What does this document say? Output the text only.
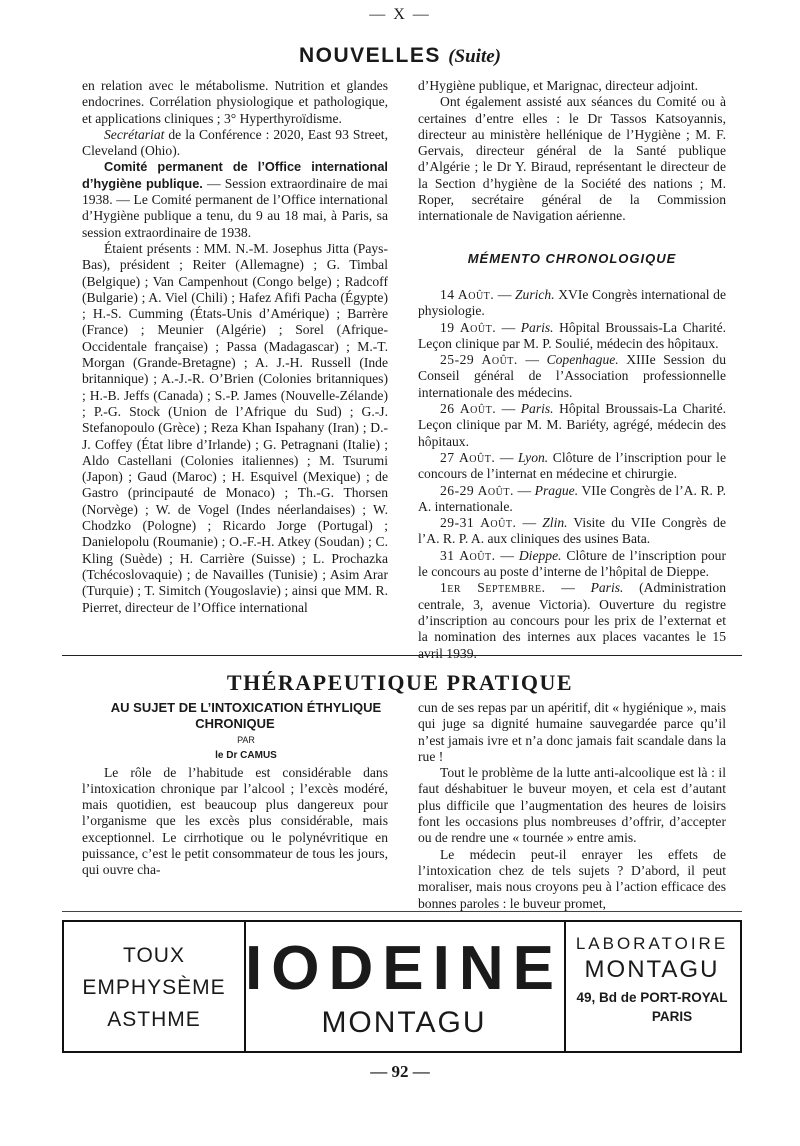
— X —
NOUVELLES (Suite)

en relation avec le métabolisme. Nutrition et glandes endocrines. Corrélation physiologique et pathologique, et applications cliniques ; 3° Hyperthyroïdisme.

Secrétariat de la Conférence : 2020, East 93 Street, Cleveland (Ohio).

Comité permanent de l’Office international d’hygiène publique. — Session extraordinaire de mai 1938. — Le Comité permanent de l’Office international d’Hygiène publique a tenu, du 9 au 18 mai, à Paris, sa session extraordinaire de 1938.

Étaient présents : MM. N.-M. Josephus Jitta (Pays-Bas), président ; Reiter (Allemagne) ; G. Timbal (Belgique) ; Van Campenhout (Congo belge) ; Radcoff (Bulgarie) ; A. Viel (Chili) ; Hafez Afifi Pacha (Égypte) ; H.-S. Cumming (États-Unis d’Amérique) ; Barrère (France) ; Meunier (Algérie) ; Sorel (Afrique-Occidentale française) ; Passa (Madagascar) ; M.-T. Morgan (Grande-Bretagne) ; A. J.-H. Russell (Inde britannique) ; A.-J.-R. O’Brien (Colonies britanniques) ; H.-B. Jeffs (Canada) ; S.-P. James (Nouvelle-Zélande) ; P.-G. Stock (Union de l’Afrique du Sud) ; G.-J. Stefanopoulo (Grèce) ; Reza Khan Ispahany (Iran) ; D.-J. Coffey (État libre d’Irlande) ; G. Petragnani (Italie) ; Aldo Castellani (Colonies italiennes) ; M. Tsurumi (Japon) ; Gaud (Maroc) ; H. Esquivel (Mexique) ; de Gastro (principauté de Monaco) ; Th.-G. Thorsen (Norvège) ; W. de Vogel (Indes néerlandaises) ; W. Chodzko (Pologne) ; Ricardo Jorge (Portugal) ; Danielopolu (Roumanie) ; O.-F.-H. Atkey (Soudan) ; C. Kling (Suède) ; H. Carrière (Suisse) ; L. Prochazka (Tchécoslovaquie) ; de Navailles (Tunisie) ; Asim Arar (Turquie) ; T. Simitch (Yougoslavie) ; ainsi que MM. R. Pierret, directeur de l’Office international

d’Hygiène publique, et Marignac, directeur adjoint.

Ont également assisté aux séances du Comité ou à certaines d’entre elles : le Dr Tassos Katsoyannis, directeur au ministère hellénique de l’Hygiène ; M. F. Gervais, directeur général de la Santé publique d’Algérie ; le Dr Y. Biraud, représentant le directeur de la Section d’hygiène de la Société des nations ; M. Roper, secrétaire général de la Commission internationale de Navigation aérienne.

MÉMENTO CHRONOLOGIQUE

14 Août. — Zurich. XVIe Congrès international de physiologie.

19 Août. — Paris. Hôpital Broussais-La Charité. Leçon clinique par M. P. Soulié, médecin des hôpitaux.

25-29 Août. — Copenhague. XIIIe Session du Conseil général de l’Association professionnelle internationale des médecins.

26 Août. — Paris. Hôpital Broussais-La Charité. Leçon clinique par M. M. Bariéty, agrégé, médecin des hôpitaux.

27 Août. — Lyon. Clôture de l’inscription pour le concours de l’internat en médecine et chirurgie.

26-29 Août. — Prague. VIIe Congrès de l’A. R. P. A. internationale.

29-31 Août. — Zlin. Visite du VIIe Congrès de l’A. R. P. A. aux cliniques des usines Bata.

31 Août. — Dieppe. Clôture de l’inscription pour le concours au poste d’interne de l’hôpital de Dieppe.

1er Septembre. — Paris. (Administration centrale, 3, avenue Victoria). Ouverture du registre d’inscription au concours pour les prix de l’externat et la nomination des internes aux places vacantes le 15 avril 1939.

THÉRAPEUTIQUE PRATIQUE

AU SUJET DE L’INTOXICATION ÉTHYLIQUE CHRONIQUE

PAR

le Dr CAMUS

Le rôle de l’habitude est considérable dans l’intoxication chronique par l’alcool ; l’excès modéré, mais quotidien, est beaucoup plus dangereux pour l’organisme que les excès plus considérable, mais exceptionnel. Le cirrhotique ou le polynévritique en puissance, c’est le petit consommateur de tous les jours, qui ouvre cha-

cun de ses repas par un apéritif, dit « hygiénique », mais qui juge sa dignité humaine sauvegardée parce qu’il n’est jamais ivre et n’a donc jamais fait scandale dans la rue !

Tout le problème de la lutte anti-alcoolique est là : il faut déshabituer le buveur moyen, et cela est d’autant plus difficile que l’augmentation des heures de loisirs font les occasions plus nombreuses d’offrir, d’accepter ou de rendre une « tournée » entre amis.

Le médecin peut-il enrayer les effets de l’intoxication chez de tels sujets ? D’abord, il peut moraliser, mais nous croyons peu à l’action efficace des bonnes paroles : le buveur promet,

TOUX
EMPHYSÈME
ASTHME
IODEINE
MONTAGU
LABORATOIRE
MONTAGU
49, Bd de PORT-ROYAL
PARIS
— 92 —
